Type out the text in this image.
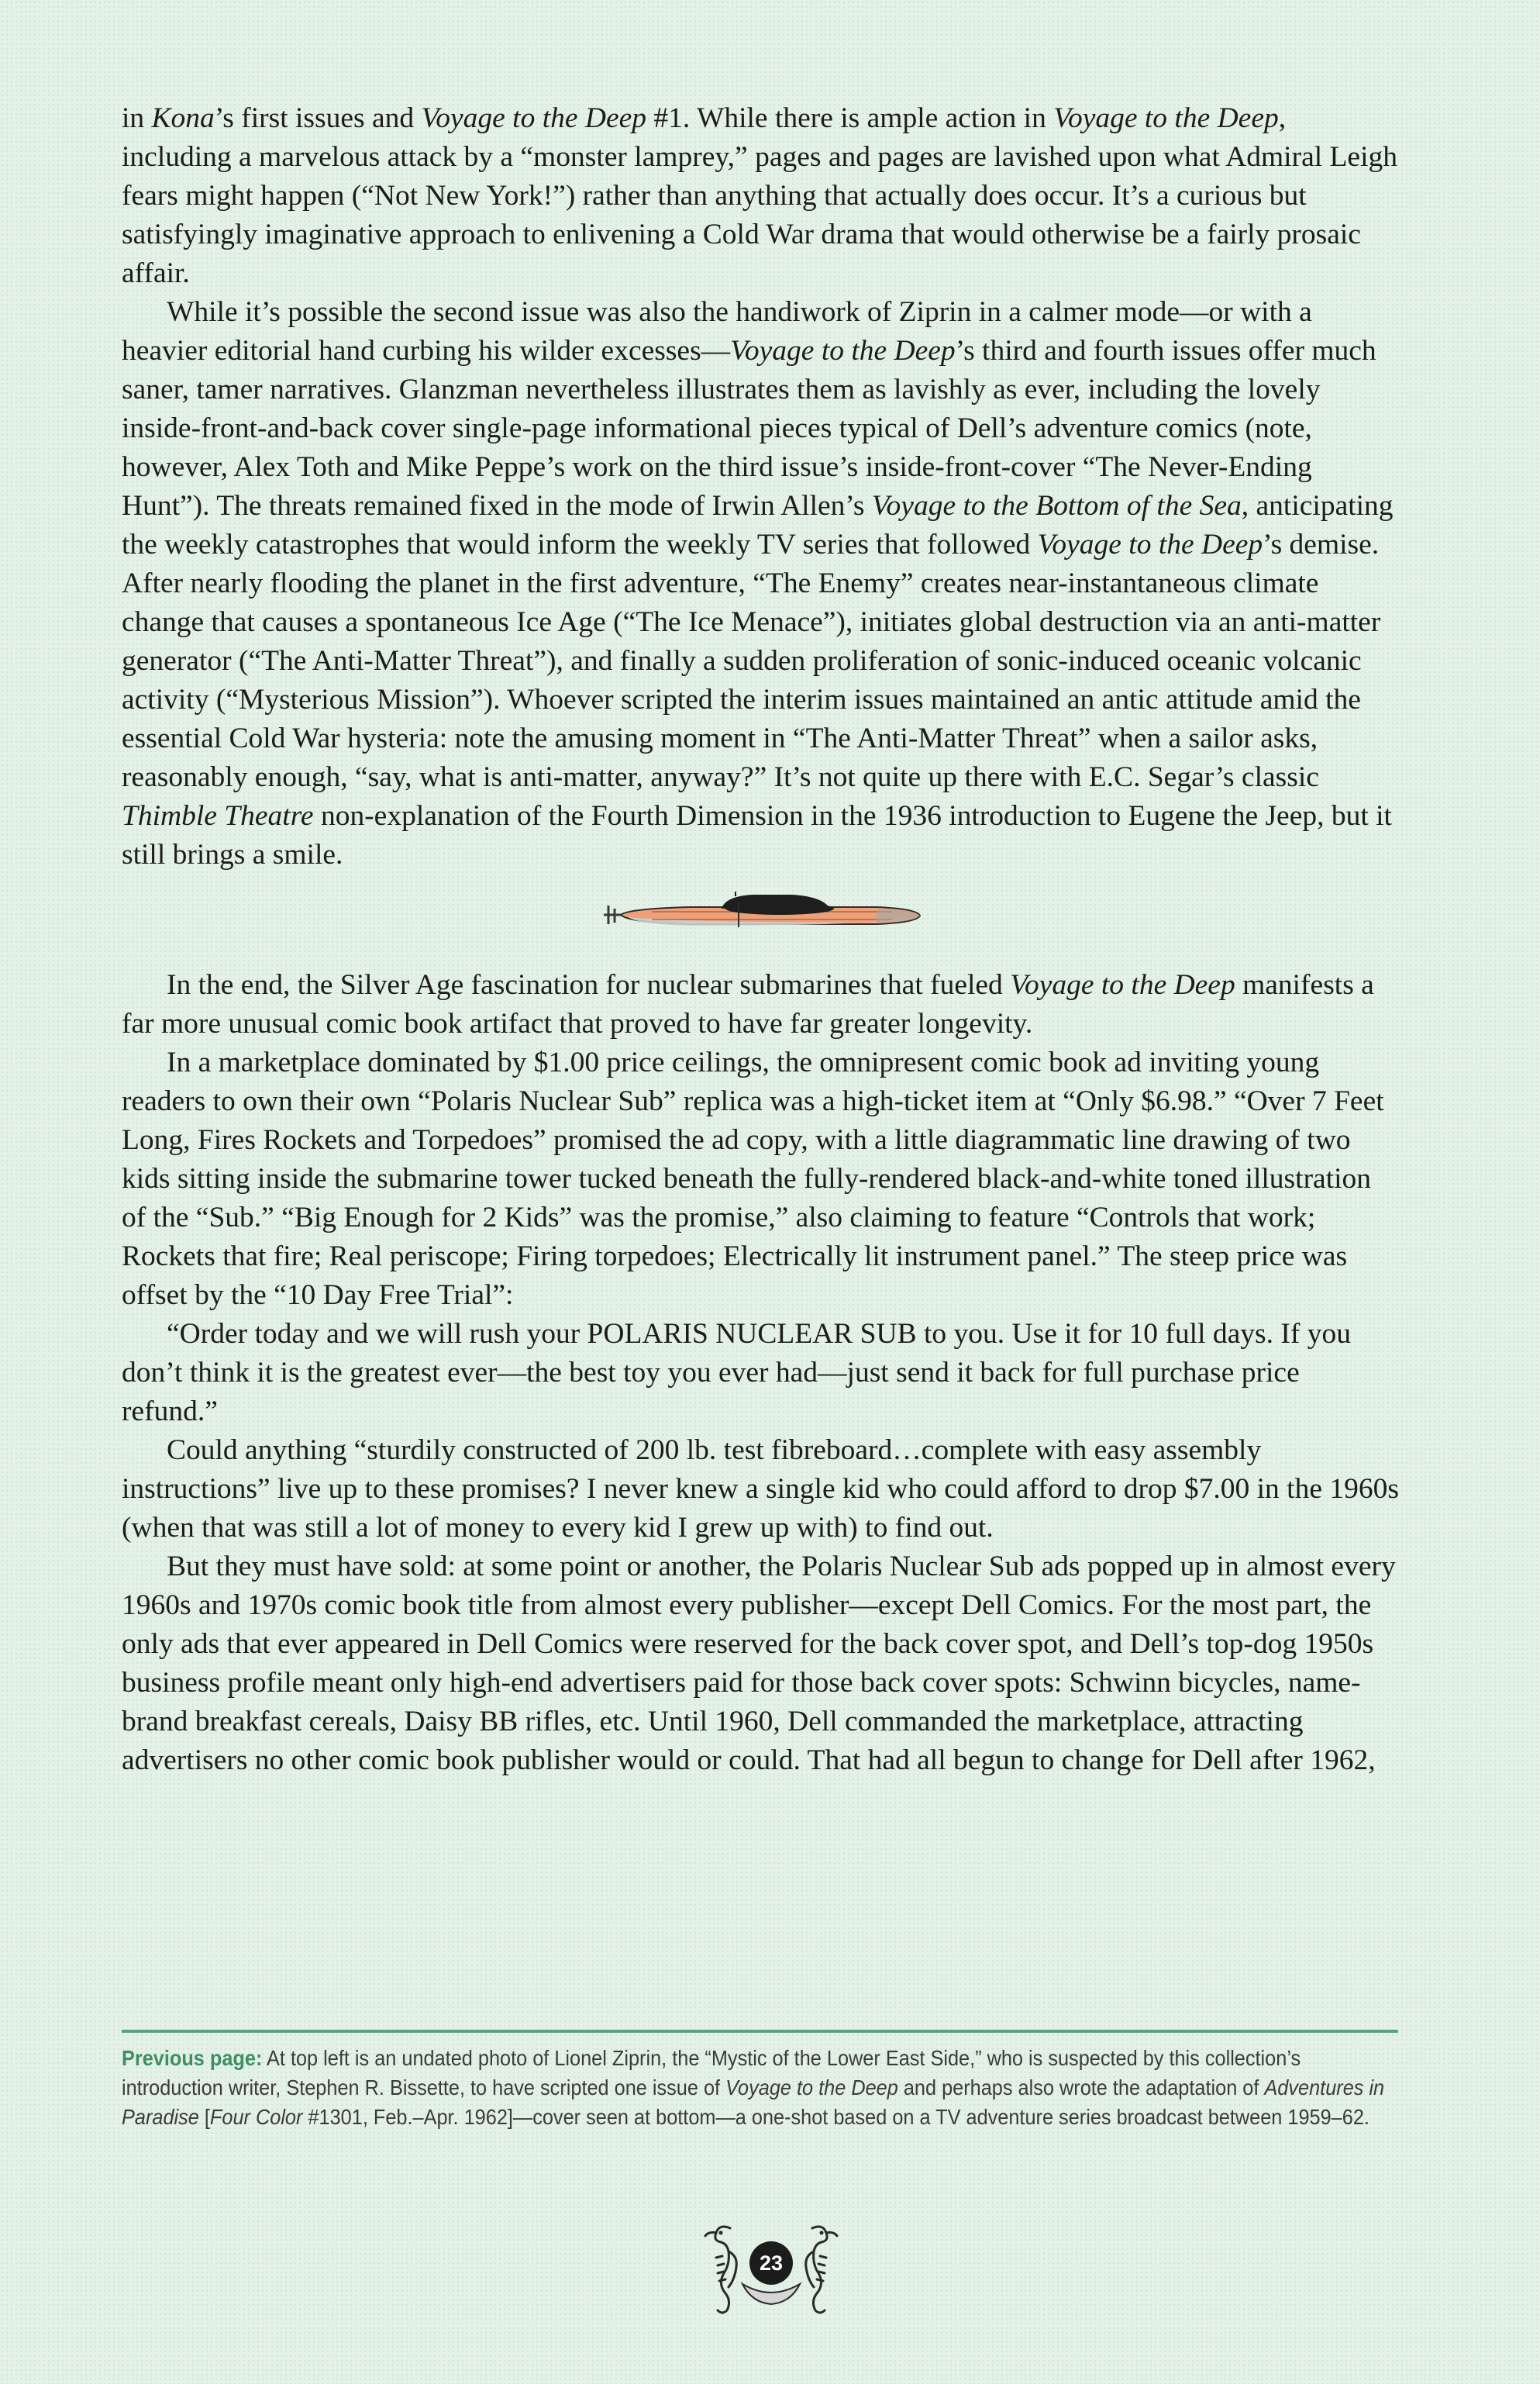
in Kona’s first issues and Voyage to the Deep #1. While there is ample action in Voyage to the Deep, including a marvelous attack by a “monster lamprey,” pages and pages are lavished upon what Admiral Leigh fears might happen (“Not New York!”) rather than anything that actually does occur. It’s a curious but satisfyingly imaginative approach to enlivening a Cold War drama that would otherwise be a fairly prosaic affair.

While it’s possible the second issue was also the handiwork of Ziprin in a calmer mode—or with a heavier editorial hand curbing his wilder excesses—Voyage to the Deep’s third and fourth issues offer much saner, tamer narratives. Glanzman nevertheless illustrates them as lavishly as ever, including the lovely inside-front-and-back cover single-page informational pieces typical of Dell’s adventure comics (note, however, Alex Toth and Mike Peppe’s work on the third issue’s inside-front-cover “The Never-Ending Hunt”). The threats remained fixed in the mode of Irwin Allen’s Voyage to the Bottom of the Sea, anticipating the weekly catastrophes that would inform the weekly TV series that followed Voyage to the Deep’s demise. After nearly flooding the planet in the first adventure, “The Enemy” creates near-instantaneous climate change that causes a spontaneous Ice Age (“The Ice Menace”), initiates global destruction via an anti-matter generator (“The Anti-Matter Threat”), and finally a sudden proliferation of sonic-induced oceanic volcanic activity (“Mysterious Mission”). Whoever scripted the interim issues maintained an antic attitude amid the essential Cold War hysteria: note the amusing moment in “The Anti-Matter Threat” when a sailor asks, reasonably enough, “say, what is anti-matter, anyway?” It’s not quite up there with E.C. Segar’s classic Thimble Theatre non-explanation of the Fourth Dimension in the 1936 introduction to Eugene the Jeep, but it still brings a smile.

In the end, the Silver Age fascination for nuclear submarines that fueled Voyage to the Deep manifests a far more unusual comic book artifact that proved to have far greater longevity.

In a marketplace dominated by $1.00 price ceilings, the omnipresent comic book ad inviting young readers to own their own “Polaris Nuclear Sub” replica was a high-ticket item at “Only $6.98.” “Over 7 Feet Long, Fires Rockets and Torpedoes” promised the ad copy, with a little diagrammatic line drawing of two kids sitting inside the submarine tower tucked beneath the fully-rendered black-and-white toned illustration of the “Sub.” “Big Enough for 2 Kids” was the promise,” also claiming to feature “Controls that work; Rockets that fire; Real periscope; Firing torpedoes; Electrically lit instrument panel.” The steep price was offset by the “10 Day Free Trial”:

“Order today and we will rush your POLARIS NUCLEAR SUB to you. Use it for 10 full days. If you don’t think it is the greatest ever—the best toy you ever had—just send it back for full purchase price refund.”

Could anything “sturdily constructed of 200 lb. test fibreboard…complete with easy assembly instructions” live up to these promises? I never knew a single kid who could afford to drop $7.00 in the 1960s (when that was still a lot of money to every kid I grew up with) to find out.

But they must have sold: at some point or another, the Polaris Nuclear Sub ads popped up in almost every 1960s and 1970s comic book title from almost every publisher—except Dell Comics. For the most part, the only ads that ever appeared in Dell Comics were reserved for the back cover spot, and Dell’s top-dog 1950s business profile meant only high-end advertisers paid for those back cover spots: Schwinn bicycles, name-brand breakfast cereals, Daisy BB rifles, etc. Until 1960, Dell commanded the marketplace, attracting advertisers no other comic book publisher would or could. That had all begun to change for Dell after 1962,

Previous page: At top left is an undated photo of Lionel Ziprin, the “Mystic of the Lower East Side,” who is suspected by this collection’s introduction writer, Stephen R. Bissette, to have scripted one issue of Voyage to the Deep and perhaps also wrote the adaptation of Adventures in Paradise [Four Color #1301, Feb.–Apr. 1962]—cover seen at bottom—a one-shot based on a TV adventure series broadcast between 1959–62.
23
